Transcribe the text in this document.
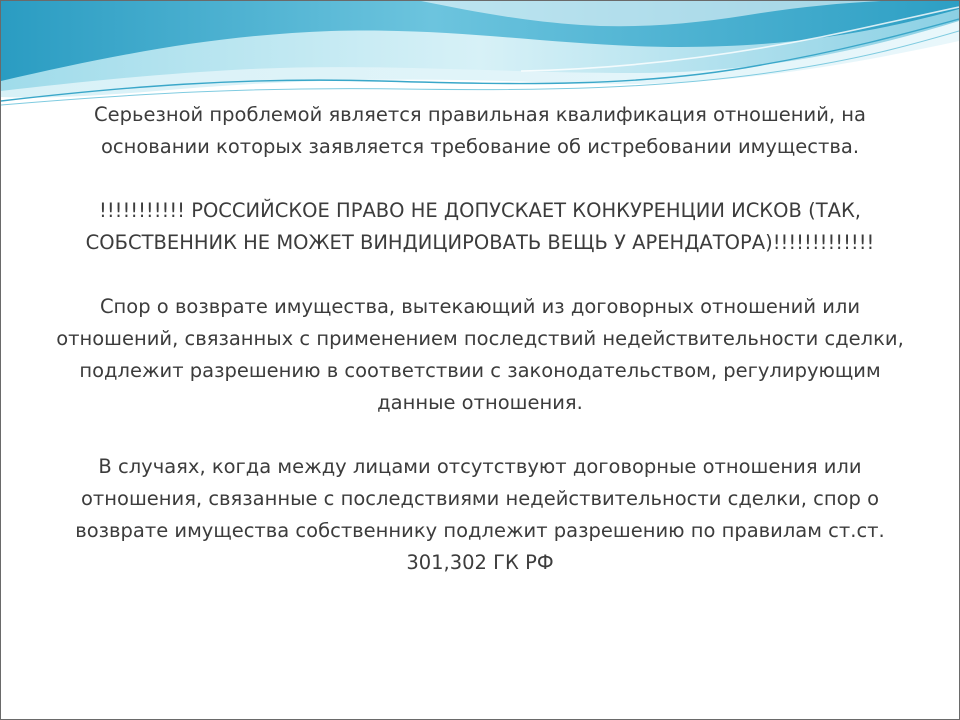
Серьезной проблемой является правильная квалификация отношений, на основании которых заявляется требование об истребовании имущества.

!!!!!!!!!!! РОССИЙСКОЕ ПРАВО НЕ ДОПУСКАЕТ КОНКУРЕНЦИИ ИСКОВ (ТАК, СОБСТВЕННИК НЕ МОЖЕТ ВИНДИЦИРОВАТЬ ВЕЩЬ У АРЕНДАТОРА)!!!!!!!!!!!!!

Спор о возврате имущества, вытекающий из договорных отношений или отношений, связанных с применением последствий недействительности сделки, подлежит разрешению в соответствии с законодательством, регулирующим данные отношения.

В случаях, когда между лицами отсутствуют договорные отношения или отношения, связанные с последствиями недействительности сделки, спор о возврате имущества собственнику подлежит разрешению по правилам ст.ст. 301,302 ГК РФ
